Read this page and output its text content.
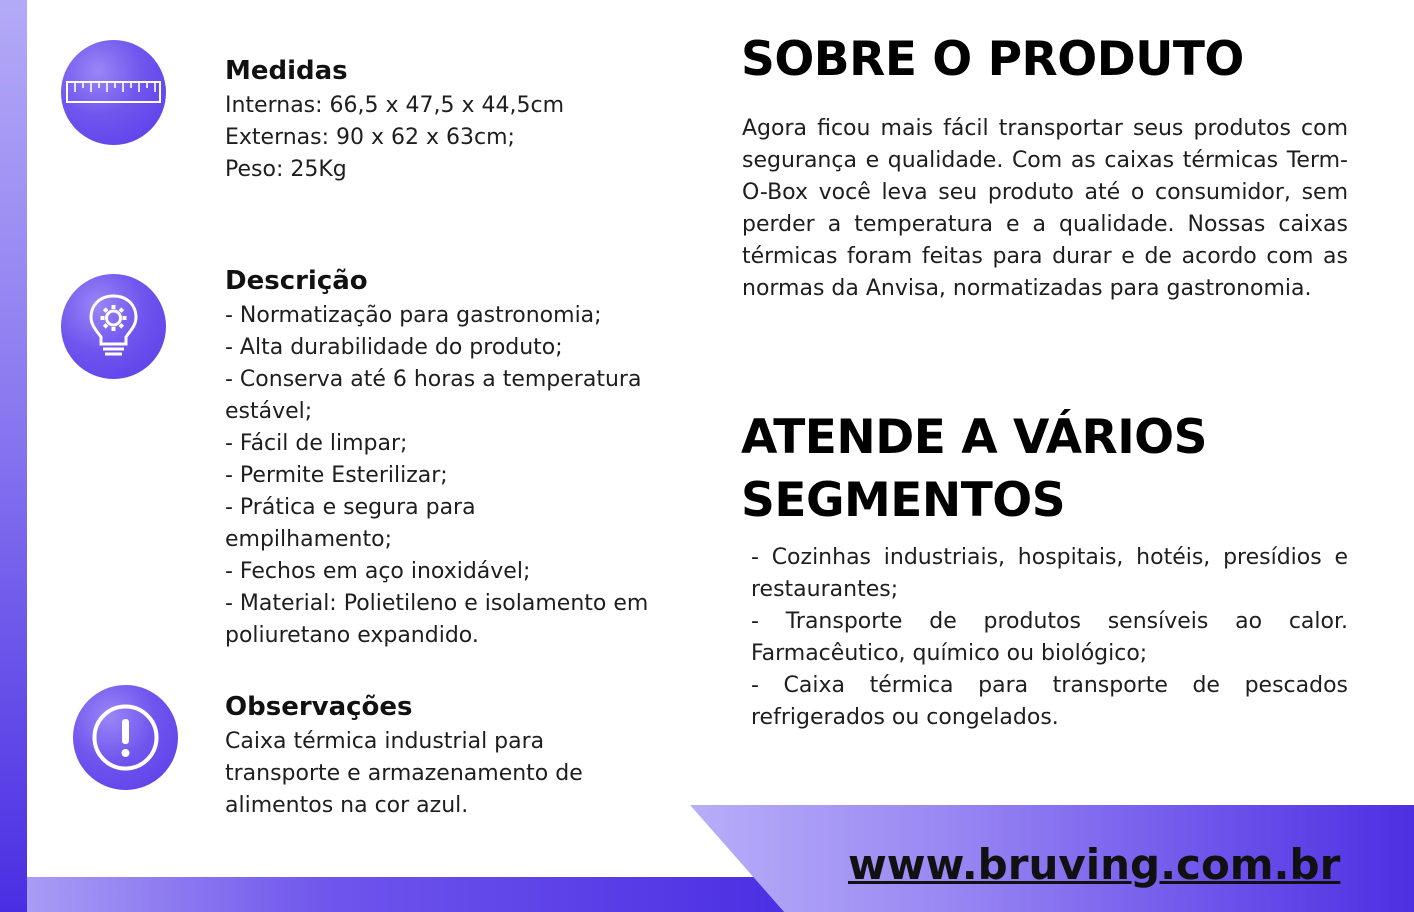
Medidas
Internas: 66,5 x 47,5 x 44,5cm
Externas: 90 x 62 x 63cm;
Peso: 25Kg
Descrição
- Normatização para gastronomia;
- Alta durabilidade do produto;
- Conserva até 6 horas a temperatura estável;
- Fácil de limpar;
- Permite Esterilizar;
- Prática e segura para empilhamento;
- Fechos em aço inoxidável;
- Material: Polietileno e isolamento em poliuretano expandido.
Observações
Caixa térmica industrial para transporte e armazenamento de alimentos na cor azul.
SOBRE O PRODUTO
Agora ficou mais fácil transportar seus produtos com segurança e qualidade. Com as caixas térmicas Term-O-Box você leva seu produto até o consumidor, sem perder a temperatura e a qualidade. Nossas caixas térmicas foram feitas para durar e de acordo com as normas da Anvisa, normatizadas para gastronomia.
ATENDE A VÁRIOS
SEGMENTOS
- Cozinhas industriais, hospitais, hotéis, presídios e restaurantes;
- Transporte de produtos sensíveis ao calor. Farmacêutico, químico ou biológico;
- Caixa térmica para transporte de pescados refrigerados ou congelados.
www.bruving.com.br
